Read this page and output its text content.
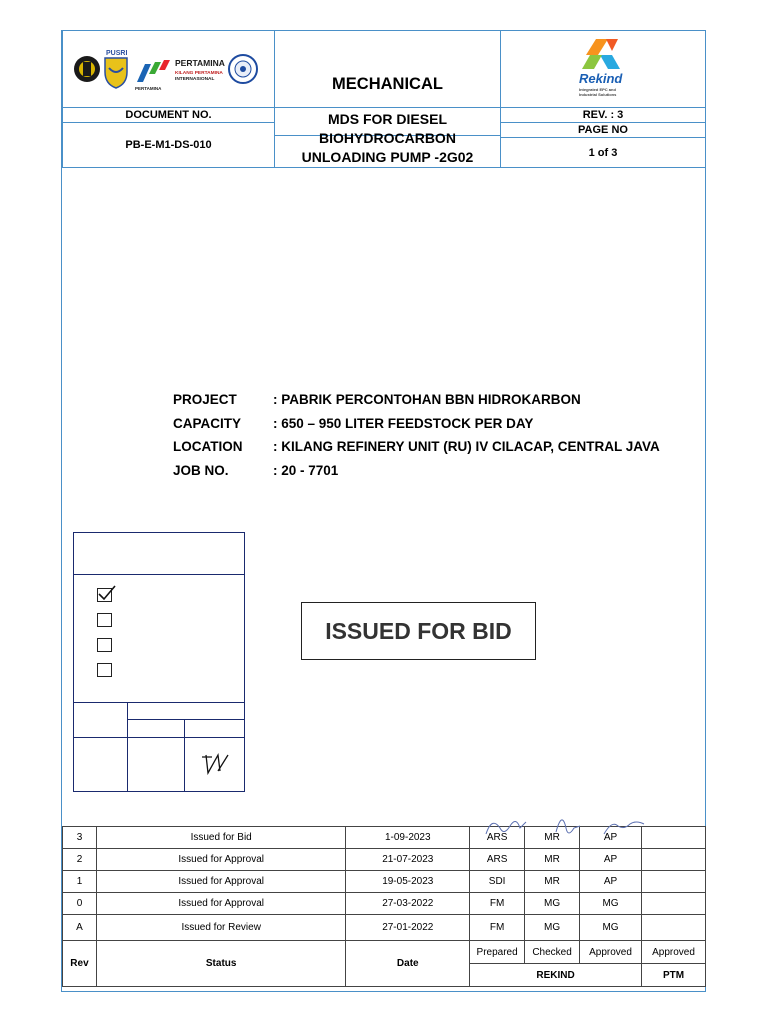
PUSRI
PERTAMINA
PERTAMINA
KILANG PERTAMINA
INTERNASIONAL	MECHANICAL	Rekind
Integrated EPC and
Industrial Solutions
DOCUMENT NO.
PB-E-M1-DS-010
MDS FOR DIESEL
BIOHYDROCARBON
UNLOADING PUMP -2G02
REV. : 3
PAGE NO
1 of 3
PROJECT	: PABRIK PERCONTOHAN BBN HIDROKARBON
CAPACITY	: 650 – 950 LITER FEEDSTOCK PER DAY
LOCATION	: KILANG REFINERY UNIT (RU) IV CILACAP, CENTRAL JAVA
JOB NO.	: 20 - 7701
ISSUED FOR BID
3	Issued for Bid	1-09-2023	ARS	MR	AP	
2	Issued for Approval	21-07-2023	ARS	MR	AP	
1	Issued for Approval	19-05-2023	SDI	MR	AP	
0	Issued for Approval	27-03-2022	FM	MG	MG	
A	Issued for Review	27-01-2022	FM	MG	MG	
Rev	Status	Date	Prepared	Checked	Approved	Approved
			REKIND			PTM
